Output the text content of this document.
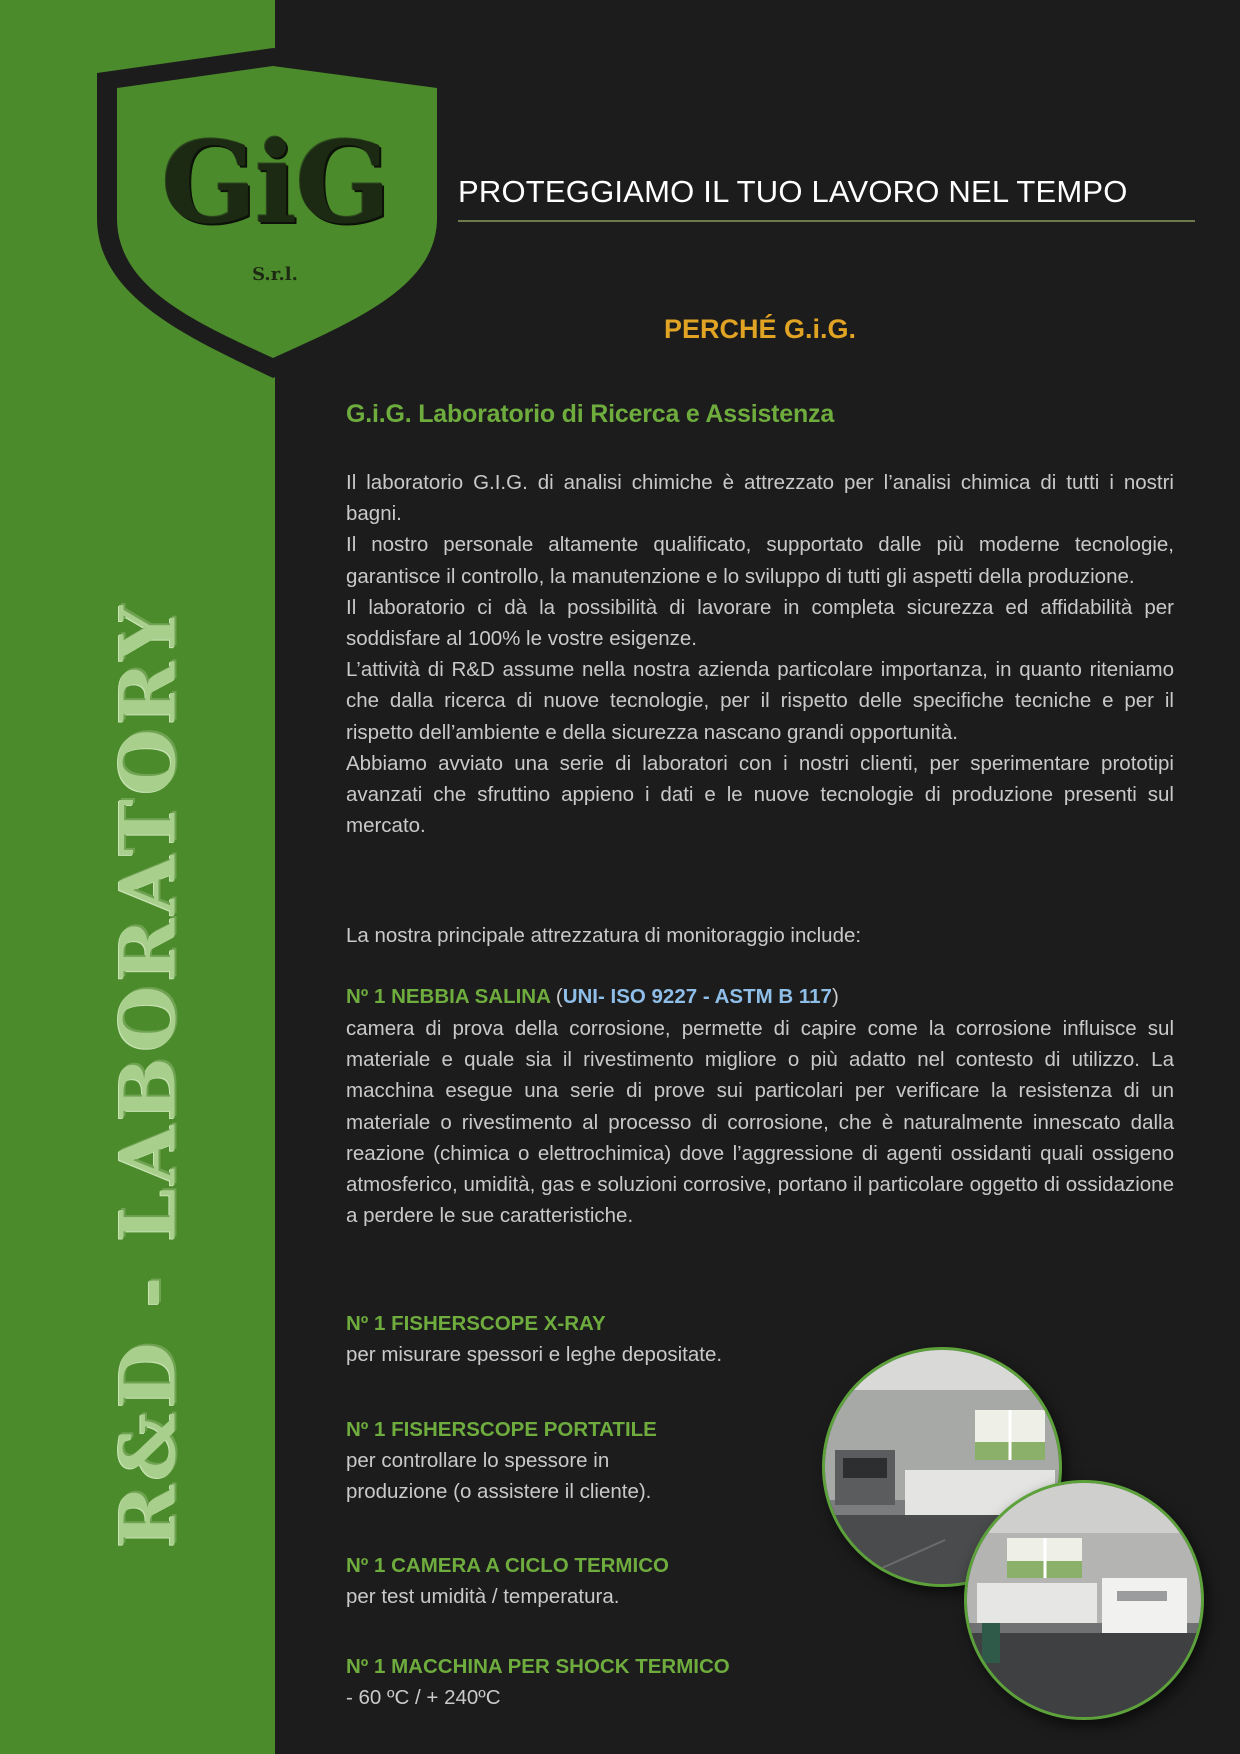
GiG
S.r.l.
R&D - LABORATORY
PROTEGGIAMO IL TUO LAVORO NEL TEMPO
PERCHÉ G.i.G.
G.i.G. Laboratorio di Ricerca e Assistenza

Il laboratorio G.I.G. di analisi chimiche è attrezzato per l’analisi chimica di tutti i nostri bagni.

Il nostro personale altamente qualificato, supportato dalle più moderne tecnologie, garantisce il controllo, la manutenzione e lo sviluppo di tutti gli aspetti della produzione.

Il laboratorio ci dà la possibilità di lavorare in completa sicurezza ed affidabilità per soddisfare al 100% le vostre esigenze.

L’attività di R&D assume nella nostra azienda particolare importanza, in quanto riteniamo che dalla ricerca di nuove tecnologie, per il rispetto delle specifiche tecniche e per il rispetto dell’ambiente e della sicurezza nascano grandi opportunità.

Abbiamo avviato una serie di laboratori con i nostri clienti, per sperimentare prototipi avanzati che sfruttino appieno i dati e le nuove tecnologie di produzione presenti sul mercato.

La nostra principale attrezzatura di monitoraggio include:
Nº 1 NEBBIA SALINA (UNI- ISO 9227 - ASTM B 117)
camera di prova della corrosione, permette di capire come la corrosione influisce sul materiale e quale sia il rivestimento migliore o più adatto nel contesto di utilizzo. La macchina esegue una serie di prove sui particolari per verificare la resistenza di un materiale o rivestimento al processo di corrosione, che è naturalmente innescato dalla reazione (chimica o elettrochimica) dove l’aggressione di agenti ossidanti quali ossigeno atmosferico, umidità, gas e soluzioni corrosive, portano il particolare oggetto di ossidazione a perdere le sue caratteristiche.
Nº 1 FISHERSCOPE X-RAY
per misurare spessori e leghe depositate.
Nº 1 FISHERSCOPE PORTATILE
per controllare lo spessore in
produzione (o assistere il cliente).
Nº 1 CAMERA A CICLO TERMICO
per test umidità / temperatura.
Nº 1 MACCHINA PER SHOCK TERMICO
- 60 ºC / + 240ºC
